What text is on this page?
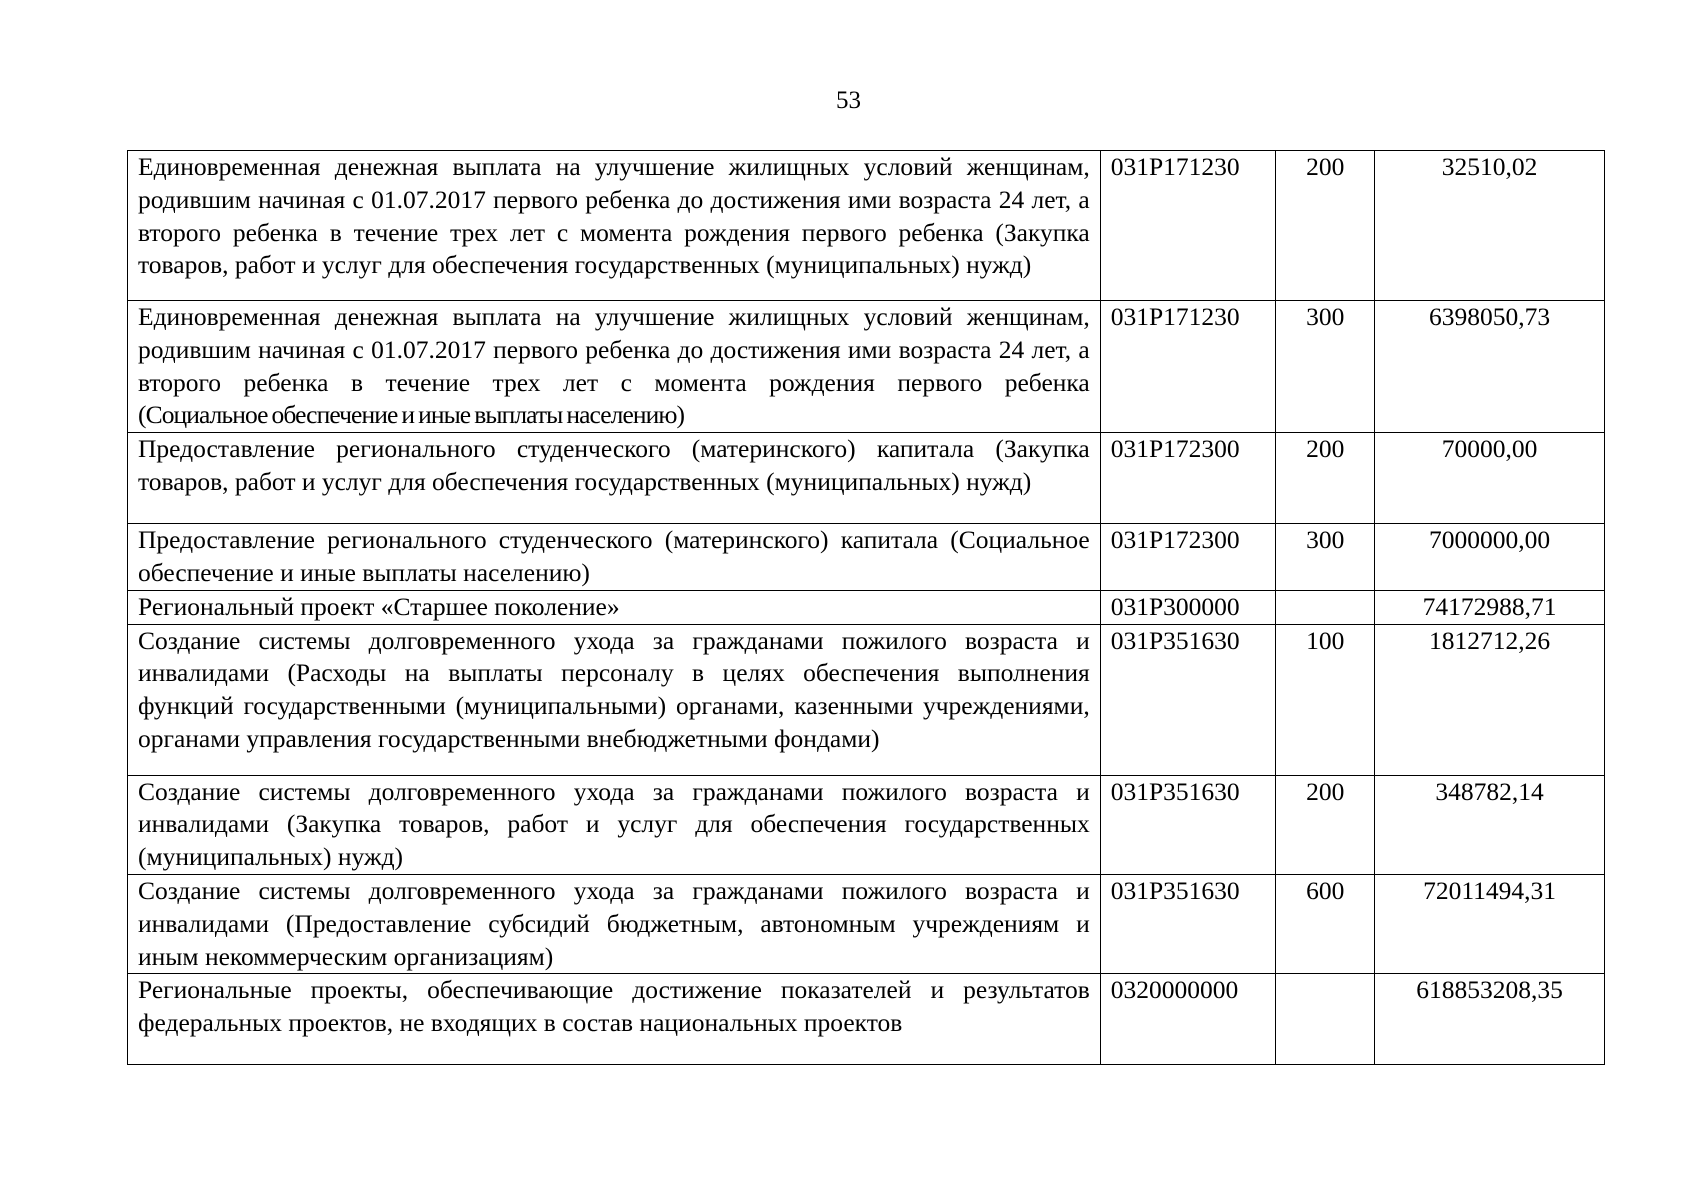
53
Единовременная денежная выплата на улучшение жилищных условий женщинам, родившим начиная с 01.07.2017 первого ребенка до достижения ими возраста 24 лет, а второго ребенка в течение трех лет с момента рождения первого ребенка (Закупка товаров, работ и услуг для обеспечения государственных (муниципальных) нужд)	031P171230	200	32510,02
Единовременная денежная выплата на улучшение жилищных условий женщинам, родившим начиная с 01.07.2017 первого ребенка до достижения ими возраста 24 лет, а второго ребенка в течение трех лет с момента рождения первого ребенка (Социальное обеспечение и иные выплаты населению)	031P171230	300	6398050,73
Предоставление регионального студенческого (материнского) капитала (Закупка товаров, работ и услуг для обеспечения государственных (муниципальных) нужд)	031P172300	200	70000,00
Предоставление регионального студенческого (материнского) капитала (Социальное обеспечение и иные выплаты населению)	031P172300	300	7000000,00
Региональный проект «Старшее поколение»	031P300000		74172988,71
Создание системы долговременного ухода за гражданами пожилого возраста и инвалидами (Расходы на выплаты персоналу в целях обеспечения выполнения функций государственными (муниципальными) органами, казенными учреждениями, органами управления государственными внебюджетными фондами)	031P351630	100	1812712,26
Создание системы долговременного ухода за гражданами пожилого возраста и инвалидами (Закупка товаров, работ и услуг для обеспечения государственных (муниципальных) нужд)	031P351630	200	348782,14
Создание системы долговременного ухода за гражданами пожилого возраста и инвалидами (Предоставление субсидий бюджетным, автономным учреждениям и иным некоммерческим организациям)	031P351630	600	72011494,31
Региональные проекты, обеспечивающие достижение показателей и результатов федеральных проектов, не входящих в состав национальных проектов	0320000000		618853208,35
